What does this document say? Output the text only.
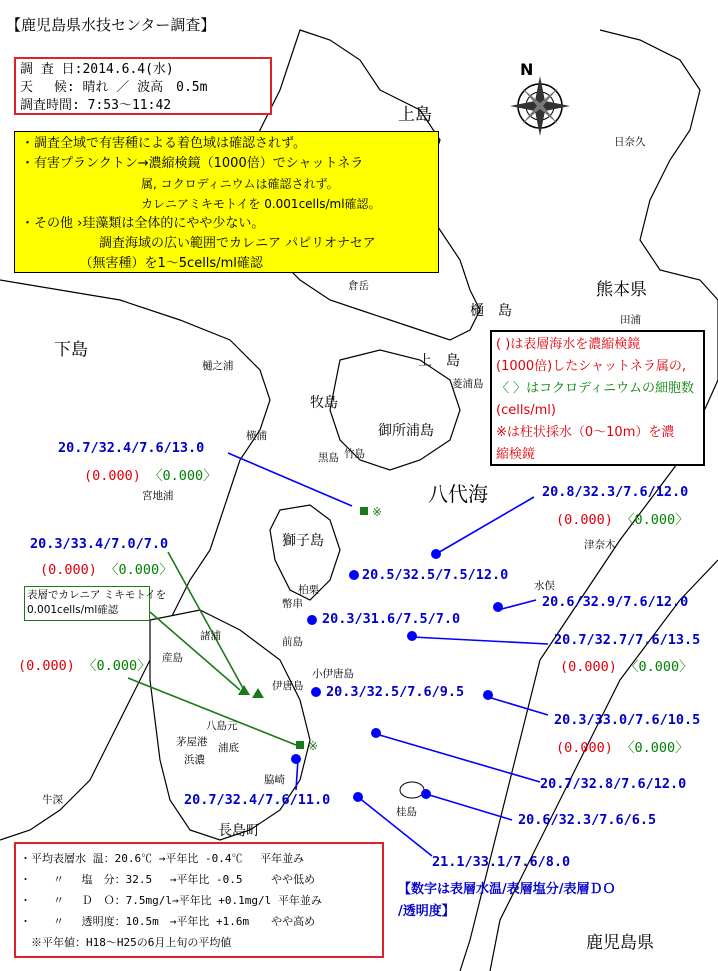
※
※
【鹿児島県水技センター調査】
調 査 日:2014.6.4(水)
天　 候: 晴れ ／ 波高　0.5m
調査時間: 7:53～11:42
・調査全域で有害種による着色域は確認されず。
・有害プランクトン→濃縮検鏡（1000倍）でシャットネラ
　　　　　　　　　　属, コクロディニウムは確認されず。
　　　　　　　　　　カレニアミキモトイを 0.001cells/ml確認。
・その他 ›珪藻類は全体的にやや少ない。
　　　　　　調査海域の広い範囲でカレニア パピリオナセア
　　　　　（無害種）を1～5cells/ml確認
( )は表層海水を濃縮検鏡
(1000倍)したシャットネラ属の,
〈 〉はコクロディニウムの細胞数
(cells/ml)
※は柱状採水（0～10m）を濃
縮検鏡
表層でカレニア ミキモトイを
0.001cells/ml確認
・平均表層水 温：20.6℃ →平年比 -0.4℃　 平年並み
・　　〃　 塩　分：32.5　 →平年比 -0.5　　 やや低め
・　　〃　 Ｄ　Ｏ：7.5mg/l→平年比 +0.1mg/l 平年並み
・　　〃　 透明度：10.5m　→平年比 +1.6m　　やや高め
　※平年値：H18～H25の6月上旬の平均値
【数字は表層水温/表層塩分/表層ＤＯ
/透明度】
N
上島
下島
熊本県
鹿児島県
八代海
牧島
御所浦島
獅子島
長島町
樋　島
上　島
日奈久
倉岳
田浦
横浦
黒島 竹島
宮地浦
樋之浦
菱浦島
津奈木
水俣
柏栗
幣串
前島
諸浦
産島
伊唐島
小伊唐島
八島元
茅屋港 浦底
浜濃
脇崎
牛深
桂島
20.7/32.4/7.6/13.0
(0.000) 〈0.000〉
20.3/33.4/7.0/7.0
(0.000) 〈0.000〉
(0.000) 〈0.000〉
20.8/32.3/7.6/12.0
(0.000) 〈0.000〉
20.5/32.5/7.5/12.0
20.6/32.9/7.6/12.0
20.3/31.6/7.5/7.0
20.7/32.7/7.6/13.5
(0.000) 〈0.000〉
20.3/32.5/7.6/9.5
20.3/33.0/7.6/10.5
(0.000) 〈0.000〉
20.7/32.8/7.6/12.0
20.7/32.4/7.6/11.0
20.6/32.3/7.6/6.5
21.1/33.1/7.6/8.0
